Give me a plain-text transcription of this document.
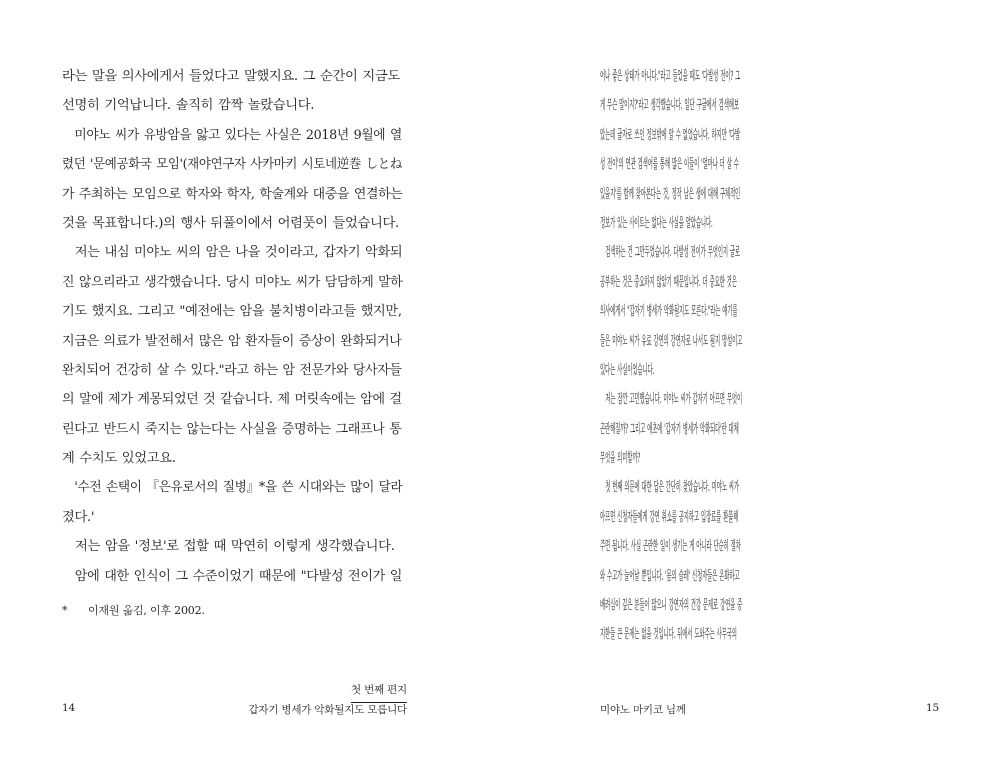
라는 말을 의사에게서 들었다고 말했지요. 그 순간이 지금도
선명히 기억납니다. 솔직히 깜짝 놀랐습니다.
　미야노 씨가 유방암을 앓고 있다는 사실은 2018년 9월에 열
렸던 '문예공화국 모임'(재야연구자 사카마키 시토네逆巻 しとね
가 주최하는 모임으로 학자와 학자, 학술계와 대중을 연결하는
것을 목표합니다.)의 행사 뒤풀이에서 어렴풋이 들었습니다.
　저는 내심 미야노 씨의 암은 나을 것이라고, 갑자기 악화되
진 않으리라고 생각했습니다. 당시 미야노 씨가 담담하게 말하
기도 했지요. 그리고 "예전에는 암을 불치병이라고들 했지만,
지금은 의료가 발전해서 많은 암 환자들이 증상이 완화되거나
완치되어 건강히 살 수 있다."라고 하는 암 전문가와 당사자들
의 말에 제가 계몽되었던 것 같습니다. 제 머릿속에는 암에 걸
린다고 반드시 죽지는 않는다는 사실을 증명하는 그래프나 통
계 수치도 있었고요.
　'수전 손택이 『은유로서의 질병』*을 쓴 시대와는 많이 달라
졌다.'
　저는 암을 '정보'로 접할 때 막연히 이렇게 생각했습니다.
　암에 대한 인식이 그 수준이었기 때문에 "다발성 전이가 일
* 이재원 옮김, 이후 2002.
첫 번째 편지
14	갑자기 병세가 악화될지도 모릅니다
어나 좋은 상태가 아니다."라고 들었을 때도 '다발성 전이? 그
게 무슨 말이지?'라고 생각했습니다. 일단 구글에서 검색해보
았는데 글자로 쓰인 정보밖에 알 수 없었습니다. 하지만 '다발
성 전이'의 연관 검색어를 통해 많은 이들이 '얼마나 더 살 수
있을지'를 함께 찾아본다는 것, 정작 남은 생에 대해 구체적인
정보가 있는 사이트는 없다는 사실을 알았습니다.
　검색하는 건 그만두었습니다. 다발성 전이가 무엇인지 글로
공부하는 것은 중요하지 않았기 때문입니다. 더 중요한 것은
의사에게서 "갑자기 병세가 악화될지도 모른다."라는 얘기를
들은 미야노 씨가 유료 강연의 강연자로 나서도 될지 망설이고
있다는 사실이었습니다.
　저는 잠깐 고민했습니다. 미야노 씨가 갑자기 아프면 무엇이
곤란해질까? 그리고 애초에 '갑자기 병세가 악화되다'란 대체
무엇을 의미할까?
　첫 번째 의문에 대한 답은 간단히 찾았습니다. 미야노 씨가
아프면 신청자들에게 강연 취소를 공지하고 입장료를 환불해
주면 됩니다. 사실 곤란한 일이 생기는 게 아니라 단순히 절차
와 수고가 늘어날 뿐입니다. '몸의 슬레' 신청자들은 온화하고
배려심이 깊은 분들이 많으니 강연자의 건강 문제로 강연을 중
지한들 큰 문제는 없을 것입니다. 뒤에서 도와주는 사무국의
미야노 마키코 님께	15
